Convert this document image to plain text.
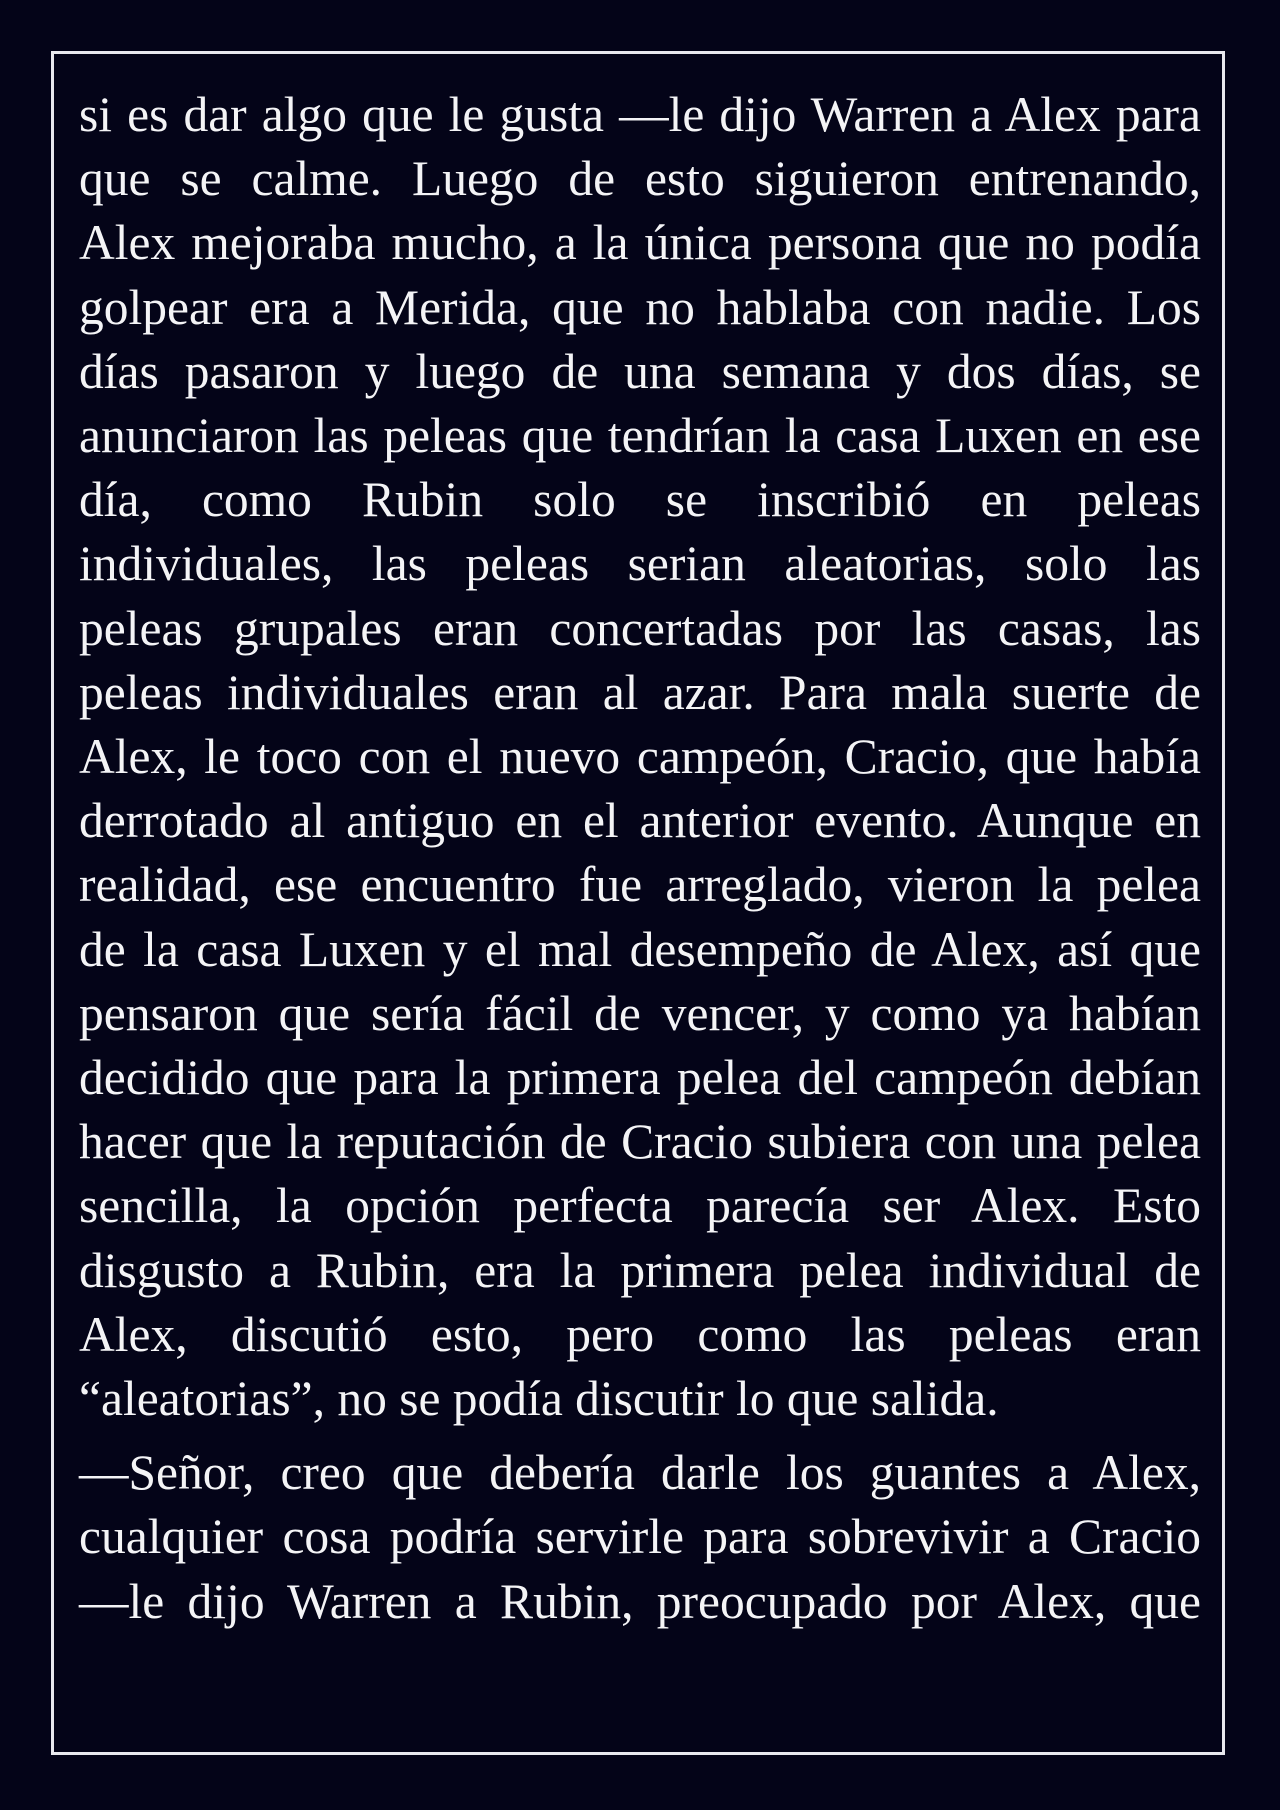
si es dar algo que le gusta —le dijo Warren a Alex para
que se calme. Luego de esto siguieron entrenando,
Alex mejoraba mucho, a la única persona que no podía
golpear era a Merida, que no hablaba con nadie. Los
días pasaron y luego de una semana y dos días, se
anunciaron las peleas que tendrían la casa Luxen en ese
día, como Rubin solo se inscribió en peleas
individuales, las peleas serian aleatorias, solo las
peleas grupales eran concertadas por las casas, las
peleas individuales eran al azar. Para mala suerte de
Alex, le toco con el nuevo campeón, Cracio, que había
derrotado al antiguo en el anterior evento. Aunque en
realidad, ese encuentro fue arreglado, vieron la pelea
de la casa Luxen y el mal desempeño de Alex, así que
pensaron que sería fácil de vencer, y como ya habían
decidido que para la primera pelea del campeón debían
hacer que la reputación de Cracio subiera con una pelea
sencilla, la opción perfecta parecía ser Alex. Esto
disgusto a Rubin, era la primera pelea individual de
Alex, discutió esto, pero como las peleas eran
“aleatorias”, no se podía discutir lo que salida.

—Señor, creo que debería darle los guantes a Alex,
cualquier cosa podría servirle para sobrevivir a Cracio
—le dijo Warren a Rubin, preocupado por Alex, que
